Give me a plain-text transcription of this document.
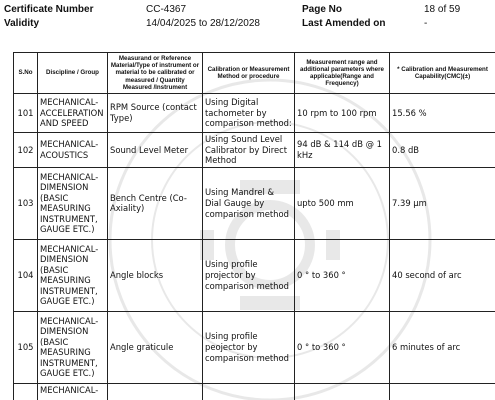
Certificate Number	CC-4367	Page No	18 of 59
Validity	14/04/2025 to 28/12/2028	Last Amended on	-
S.No	Discipline / Group	Measurand or Reference Material/Type of instrument or material to be calibrated or measured / Quantity Measured /Instrument	Calibration or Measurement Method or procedure	Measurement range and additional parameters where applicable(Range and Frequency)	* Calibration and Measurement Capability(CMC)(±)
101	MECHANICAL- ACCELERATION AND SPEED	RPM Source (contact Type)	Using Digital tachometer by comparison method:	10 rpm to 100 rpm	15.56 %
102	MECHANICAL- ACOUSTICS	Sound Level Meter	Using Sound Level Calibrator by Direct Method	94 dB & 114 dB @ 1 kHz	0.8 dB
103	MECHANICAL- DIMENSION (BASIC MEASURING INSTRUMENT, GAUGE ETC.)	Bench Centre (Co- Axiality)	Using Mandrel & Dial Gauge by comparison method	upto 500 mm	7.39 µm
104	MECHANICAL- DIMENSION (BASIC MEASURING INSTRUMENT, GAUGE ETC.)	Angle blocks	Using profile projector by comparison method	0 ° to 360 °	40 second of arc
105	MECHANICAL- DIMENSION (BASIC MEASURING INSTRUMENT, GAUGE ETC.)	Angle graticule	Using profile peojector by comparison method	0 ° to 360 °	6 minutes of arc
	MECHANICAL-				
